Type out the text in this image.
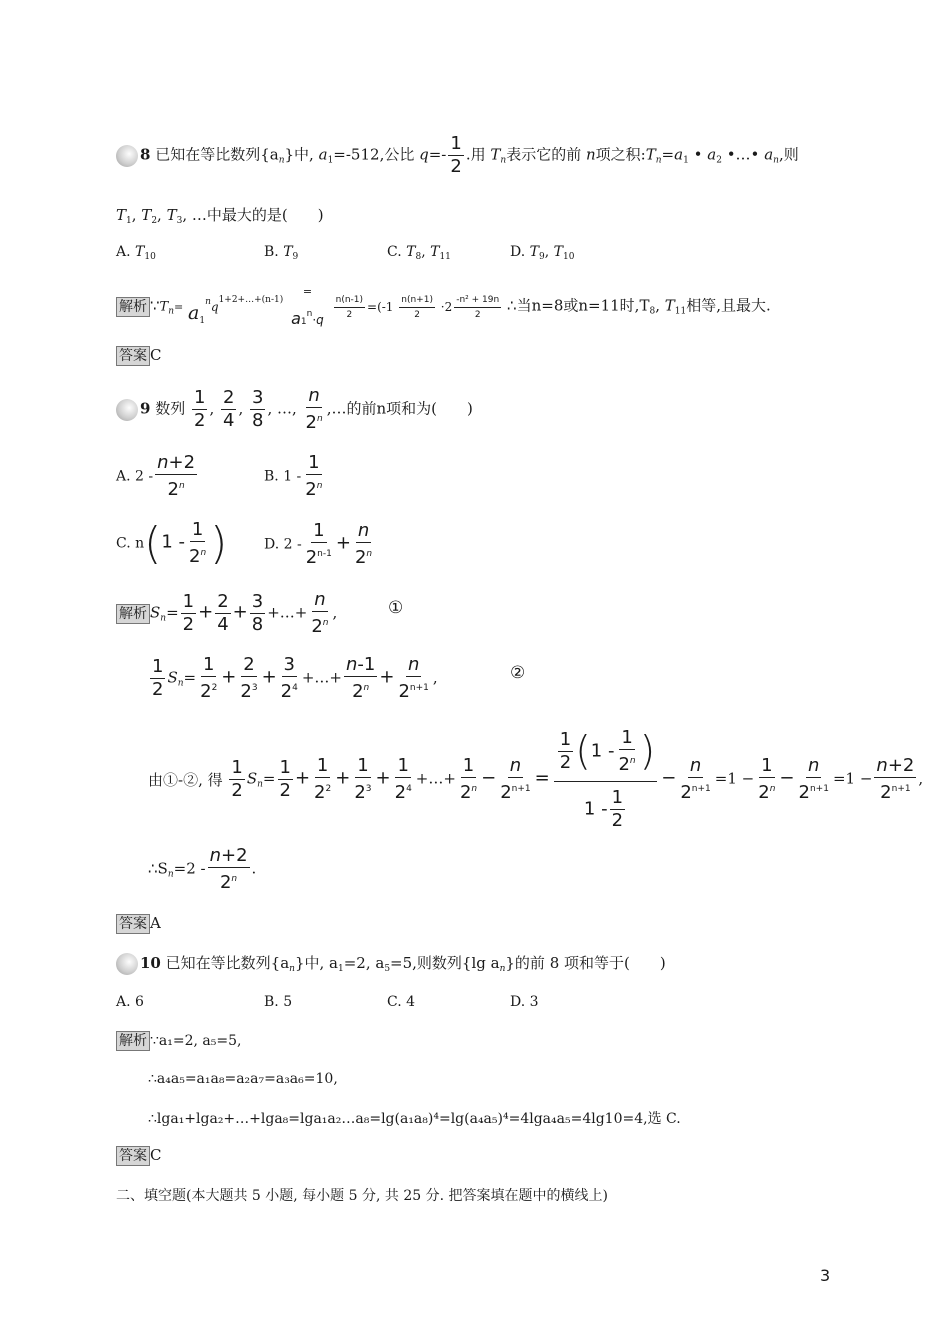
8 已知在等比数列$\{a_n\}$中, $a_1=-512$,公比 $q=- \frac{1}{2}$ .用 $T_n$表示它的前 n项之积$:T_n=a_1$ • $a_2$ •…• $a_n$,则
$T_1$, $T_2$, $T_3$, …中最大的是(　　)
A. $T_{10}$	B. $T_9$	C. $T_8$, $T_{11}$	D. $T_9$, $T_{10}$
解析 $\because T_n= a_1^nq^{1+2+\dots+(n-1)}$
=
$a1^n\cdot q$
$\frac{n(n-1)}{2} =(-1 \frac{n(n+1)}{2} \cdot 2 \frac{\text{-n² + 19n}}{2}$ ∴当n=8或n=11时$,T_8$, $T_{11}$相等,且最大.
答案 C
9 数列 $\frac{1}{2}$ , $\frac{2}{4}$ , $\frac{3}{8}$ , …, $\frac{n}{2^n}$ ,…的前n项和为(　　)
A. $2 - \frac{n+2}{2^n}$	B. $1 - \frac{1}{2^n}$
C. $n(1 - \frac{1}{2^n}$ )	D. $2 - \frac{1}{2^{n-1}} + \frac{n}{2^n}$
解析 $S_n= \frac{1}{2} + \frac{2}{4} + \frac{3}{8}$ +…+ $\frac{n}{2^n}$ ,	①
$\frac{1}{2} S_n= \frac{1}{2^2} + \frac{2}{2^3} + \frac{3}{2^4}$ +…+ $\frac{n-1}{2^n} + \frac{n}{2^{n+1}}$ ,	②
由①-②, 得 $\frac{1}{2} S_n= \frac{1}{2} + \frac{1}{2^2} + \frac{1}{2^3} + \frac{1}{2^4}$ +…+ $\frac{1}{2^n} - \frac{n}{2^{n+1}} = \frac{\frac{1}{2} (1 - \frac{1}{2^n} )}{1 - \frac{1}{2}} - \frac{n}{2^{n+1}} =1 - \frac{1}{2^n} - \frac{n}{2^{n+1}} =1 - \frac{n+2}{2^{n+1}}$ ,
$\therefore S_n=2 - \frac{n+2}{2^n}$ .
答案 A
10 已知在等比数列$\{a_n\}$中, $a_1=2$, $a_5=5$,则数列{lg $a_n$}的前 8 项和等于(　　)
A. 6	B. 5	C. 4	D. 3
解析 ∵a₁=2, a₅=5,
∴a₄a₅=a₁a₈=a₂a₇=a₃a₆=10,
∴lga₁+lga₂+…+lga₈=lga₁a₂…a₈=lg(a₁a₈)⁴=lg(a₄a₅)⁴=4lga₄a₅=4lg10=4,选 C.
答案 C
二、填空题(本大题共 5 小题, 每小题 5 分, 共 25 分. 把答案填在题中的横线上)
3
